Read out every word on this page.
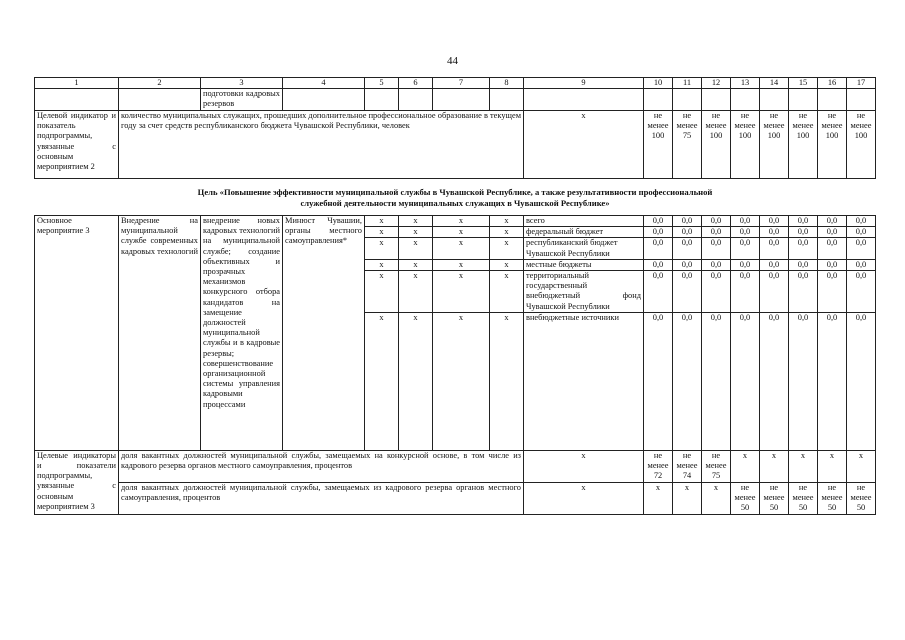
44
1	2	3	4	5	6	7	8	9	10	11	12	13	14	15	16	17
		подготовки кадровых резервов														
Целевой индикатор и показатель подпрограммы, увязанные с основным мероприятием 2	количество муниципальных служащих, прошедших дополнительное профессиональное образование в текущем году за счет средств республиканского бюджета Чувашской Республики, человек							x	не менее 100	не менее 75	не менее 100	не менее 100	не менее 100	не менее 100	не менее 100	не менее 100

Цель «Повышение эффективности муниципальной службы в Чувашской Республике, а также результативности профессиональной служебной деятельности муниципальных служащих в Чувашской Республике»																

Основное мероприятие 3	Внедрение на муниципальной службе современных кадровых технологий	внедрение новых кадровых технологий на муниципальной службе; создание объективных и прозрачных механизмов конкурсного отбора кандидатов на замещение должностей муниципальной службы и в кадровые резервы; совершенствование организационной системы управления кадровыми процессами	Минюст Чувашии, органы местного самоуправления*	x	x	x	x	всего	0,0	0,0	0,0	0,0	0,0	0,0	0,0	0,0
				x	x	x	x	федеральный бюджет	0,0	0,0	0,0	0,0	0,0	0,0	0,0	0,0
				x	x	x	x	республиканский бюджет Чувашской Республики	0,0	0,0	0,0	0,0	0,0	0,0	0,0	0,0
				x	x	x	x	местные бюджеты	0,0	0,0	0,0	0,0	0,0	0,0	0,0	0,0
				x	x	x	x	территориальный государственный внебюджетный фонд Чувашской Республики	0,0	0,0	0,0	0,0	0,0	0,0	0,0	0,0
				x	x	x	x	внебюджетные источники	0,0	0,0	0,0	0,0	0,0	0,0	0,0	0,0
Целевые индикаторы и показатели подпрограммы, увязанные с основным мероприятием 3	доля вакантных должностей муниципальной службы, замещаемых на конкурсной основе, в том числе из кадрового резерва органов местного самоуправления, процентов							x	не менее 72	не менее 74	не менее 75	x	x	x	x	x
	доля вакантных должностей муниципальной службы, замещаемых из кадрового резерва органов местного самоуправления, процентов							x	x	x	x	не менее 50	не менее 50	не менее 50	не менее 50	не менее 50
